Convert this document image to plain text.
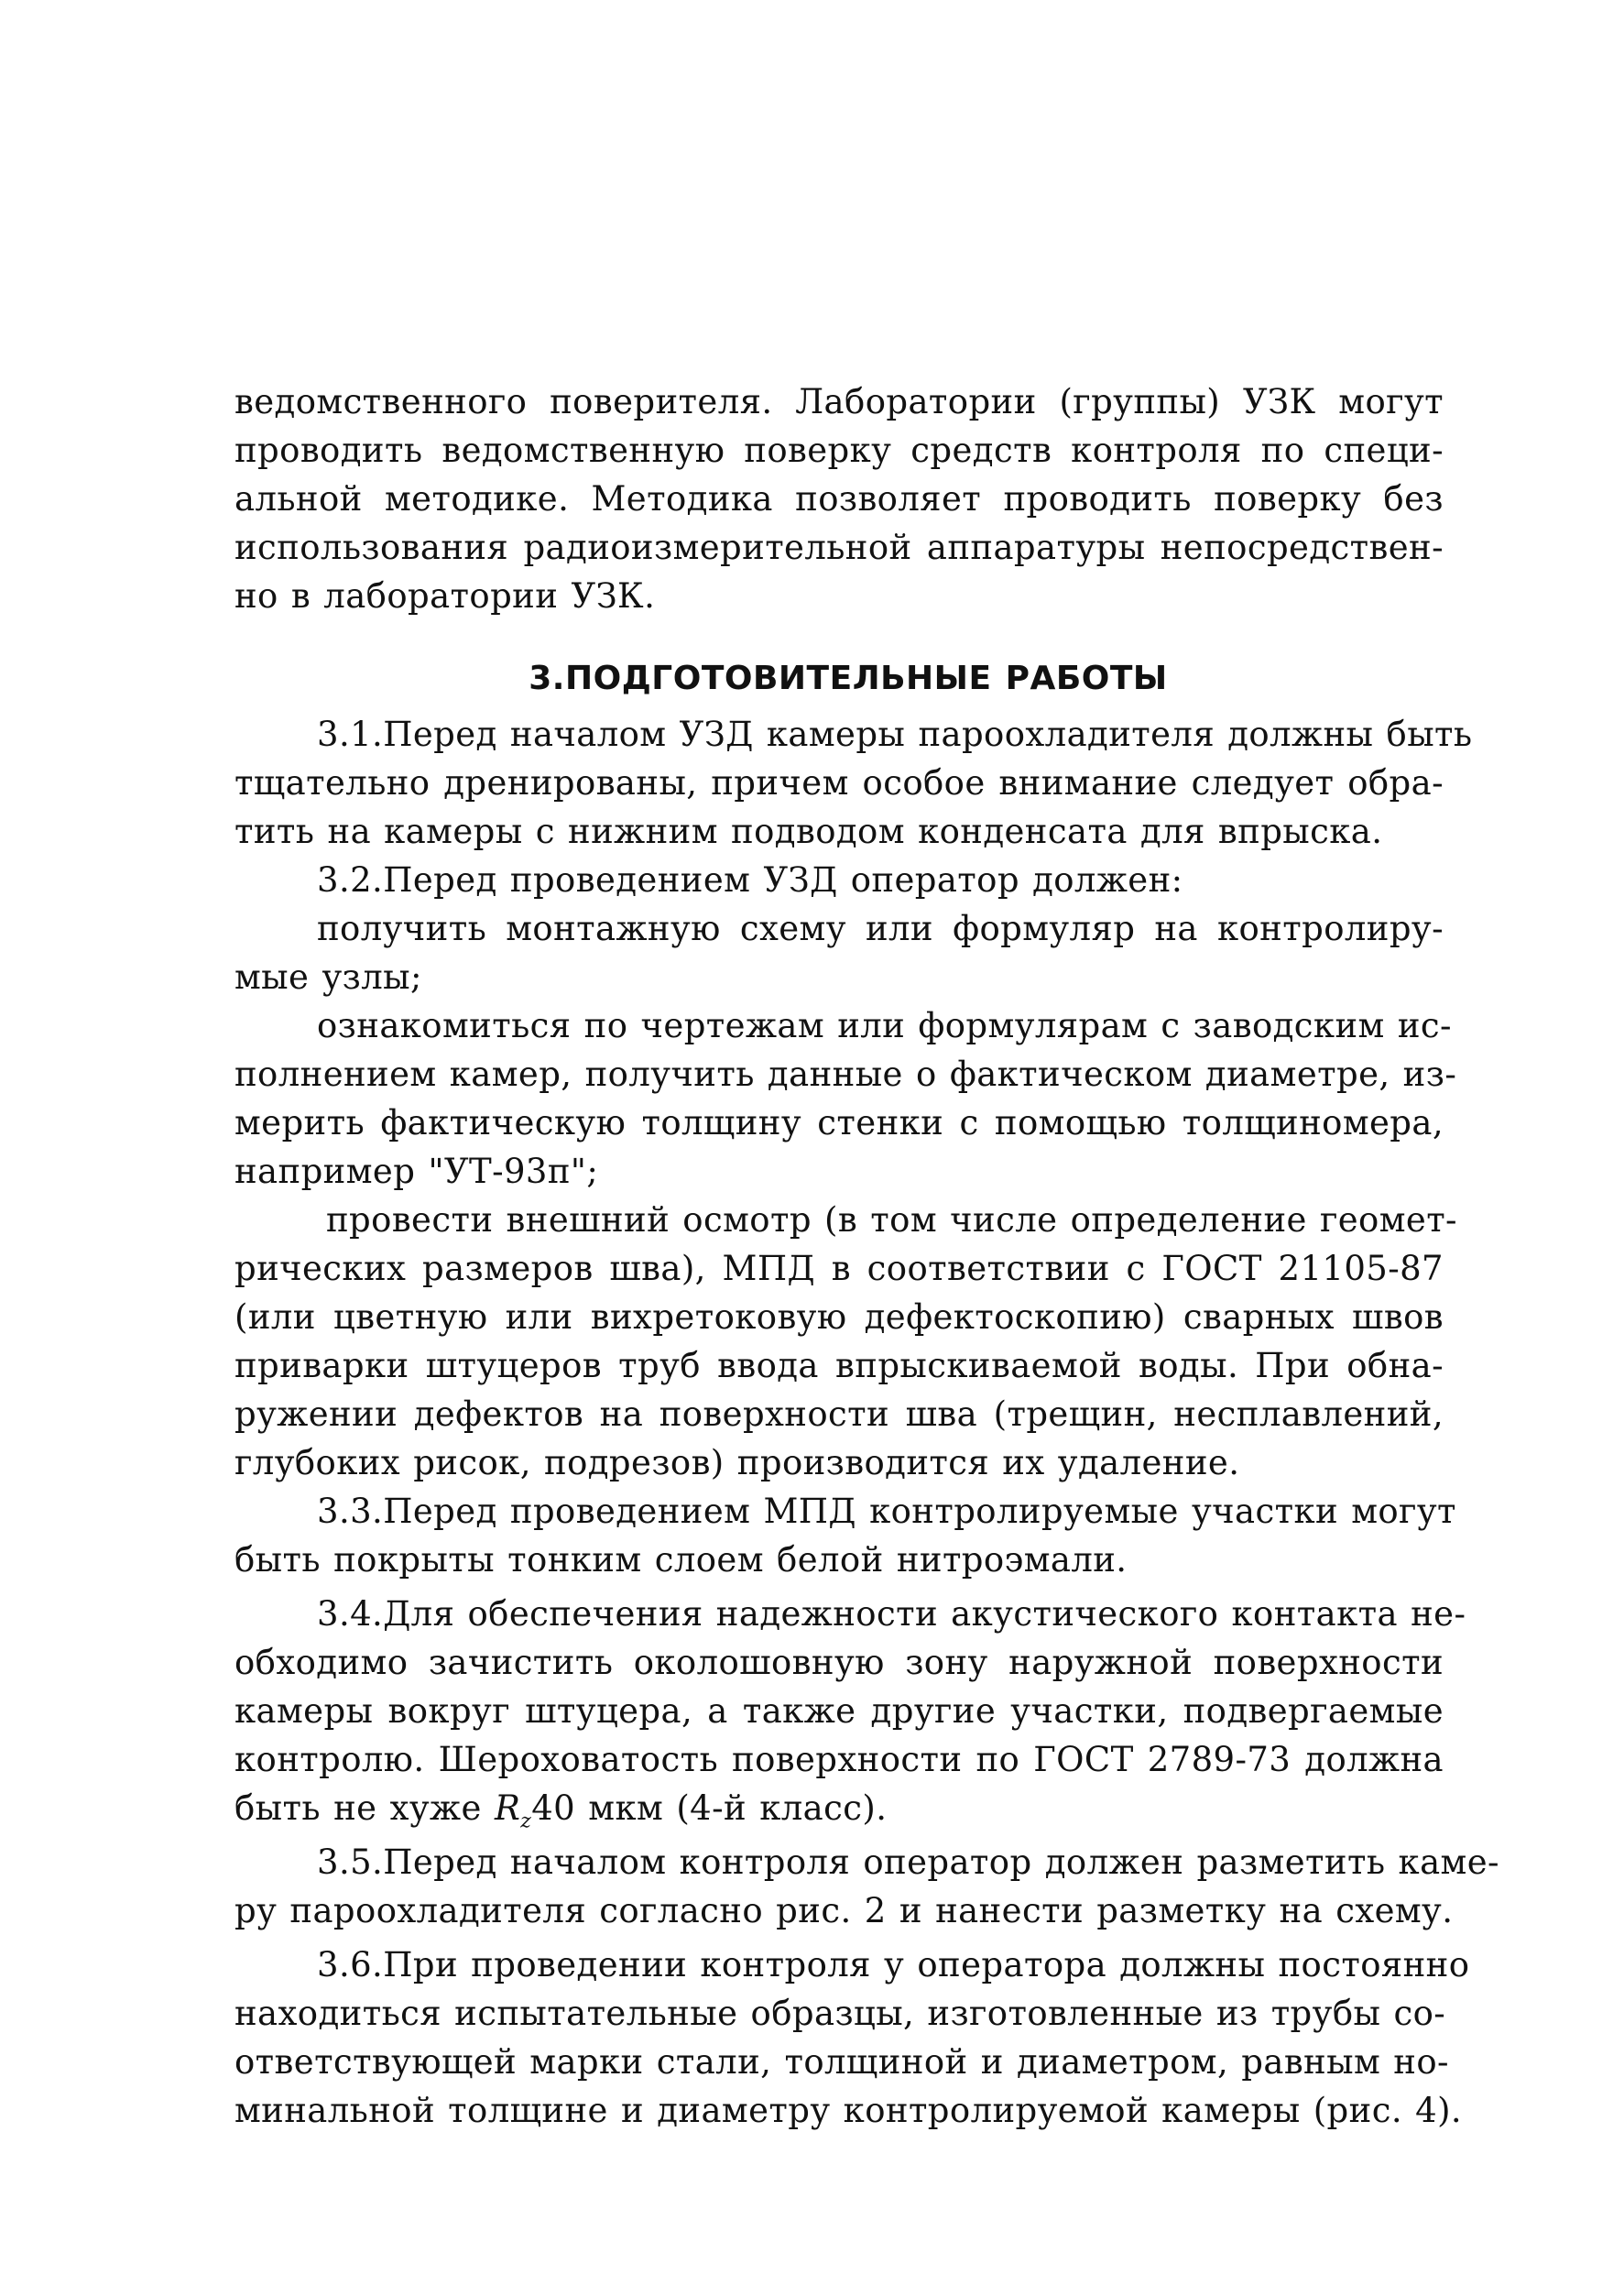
ведомственного поверителя. Лаборатории (группы) УЗК могут
проводить ведомственную поверку средств контроля по специ-
альной методике. Методика позволяет проводить поверку без
использования радиоизмерительной аппаратуры непосредствен-
но в лаборатории УЗК.
3.ПОДГОТОВИТЕЛЬНЫЕ РАБОТЫ
3.1.Перед началом УЗД камеры пароохладителя должны быть
тщательно дренированы, причем особое внимание следует обра-
тить на камеры с нижним подводом конденсата для впрыска.
3.2.Перед проведением УЗД оператор должен:
получить монтажную схему или формуляр на контролиру-
мые узлы;
ознакомиться по чертежам или формулярам с заводским ис-
полнением камер, получить данные о фактическом диаметре, из-
мерить фактическую толщину стенки с помощью толщиномера,
например "УТ-93п";
провести внешний осмотр (в том числе определение геомет-
рических размеров шва), МПД в соответствии с ГОСТ 21105-87
(или цветную или вихретоковую дефектоскопию) сварных швов
приварки штуцеров труб ввода впрыскиваемой воды. При обна-
ружении дефектов на поверхности шва (трещин, несплавлений,
глубоких рисок, подрезов) производится их удаление.
3.3.Перед проведением МПД контролируемые участки могут
быть покрыты тонким слоем белой нитроэмали.
3.4.Для обеспечения надежности акустического контакта не-
обходимо зачистить околошовную зону наружной поверхности
камеры вокруг штуцера, а также другие участки, подвергаемые
контролю. Шероховатость поверхности по ГОСТ 2789-73 должна
быть не хуже $R_z40$ мкм (4-й класс).
3.5.Перед началом контроля оператор должен разметить каме-
ру пароохладителя согласно рис. 2 и нанести разметку на схему.
3.6.При проведении контроля у оператора должны постоянно
находиться испытательные образцы, изготовленные из трубы со-
ответствующей марки стали, толщиной и диаметром, равным но-
минальной толщине и диаметру контролируемой камеры (рис. 4).
